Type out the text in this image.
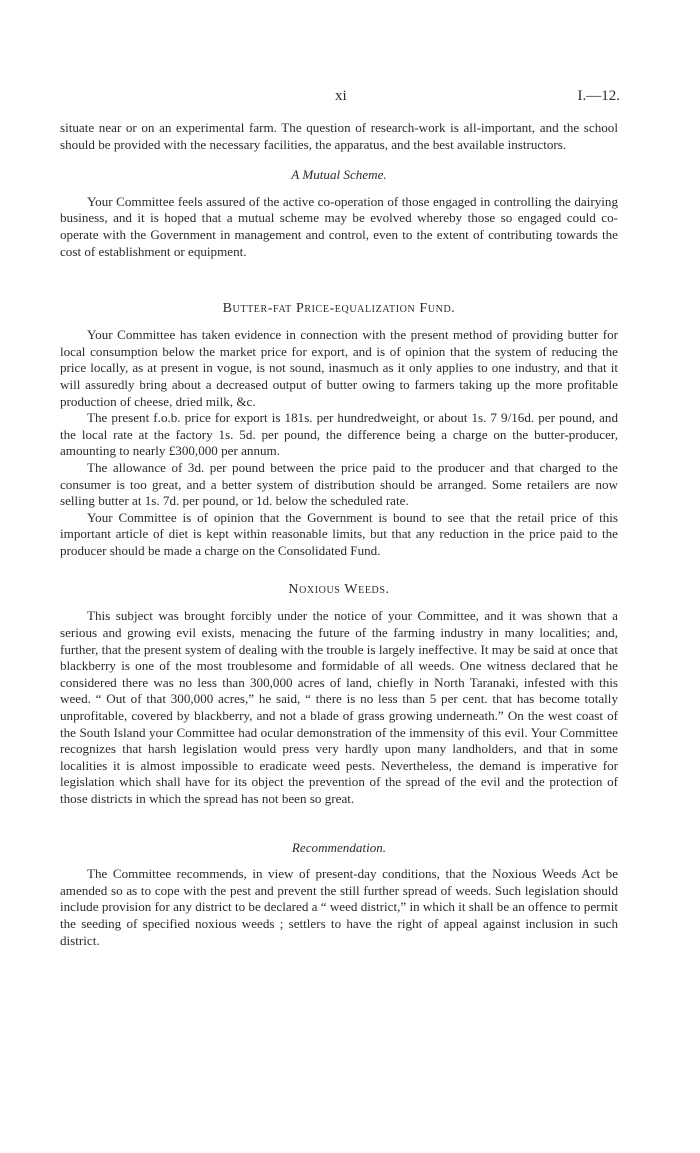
xi	I.—12.

situate near or on an experimental farm. The question of research-work is all-important, and the school should be provided with the necessary facilities, the apparatus, and the best available instructors.

A Mutual Scheme.

Your Committee feels assured of the active co-operation of those engaged in controlling the dairying business, and it is hoped that a mutual scheme may be evolved whereby those so engaged could co-operate with the Government in management and control, even to the extent of contributing towards the cost of establishment or equipment.

Butter-fat Price-equalization Fund.

Your Committee has taken evidence in connection with the present method of providing butter for local consumption below the market price for export, and is of opinion that the system of reducing the price locally, as at present in vogue, is not sound, inasmuch as it only applies to one industry, and that it will assuredly bring about a decreased output of butter owing to farmers taking up the more profitable production of cheese, dried milk, &c.

The present f.o.b. price for export is 181s. per hundredweight, or about 1s. 7 9/16d. per pound, and the local rate at the factory 1s. 5d. per pound, the difference being a charge on the butter-producer, amounting to nearly £300,000 per annum.

The allowance of 3d. per pound between the price paid to the producer and that charged to the consumer is too great, and a better system of distribution should be arranged. Some retailers are now selling butter at 1s. 7d. per pound, or 1d. below the scheduled rate.

Your Committee is of opinion that the Government is bound to see that the retail price of this important article of diet is kept within reasonable limits, but that any reduction in the price paid to the producer should be made a charge on the Consolidated Fund.

Noxious Weeds.

This subject was brought forcibly under the notice of your Committee, and it was shown that a serious and growing evil exists, menacing the future of the farming industry in many localities; and, further, that the present system of dealing with the trouble is largely ineffective. It may be said at once that blackberry is one of the most troublesome and formidable of all weeds. One witness declared that he considered there was no less than 300,000 acres of land, chiefly in North Taranaki, infested with this weed. “ Out of that 300,000 acres,” he said, “ there is no less than 5 per cent. that has become totally unprofitable, covered by blackberry, and not a blade of grass growing underneath.” On the west coast of the South Island your Committee had ocular demonstration of the immensity of this evil. Your Committee recognizes that harsh legislation would press very hardly upon many landholders, and that in some localities it is almost impossible to eradicate weed pests. Nevertheless, the demand is imperative for legislation which shall have for its object the prevention of the spread of the evil and the protection of those districts in which the spread has not been so great.

Recommendation.

The Committee recommends, in view of present-day conditions, that the Noxious Weeds Act be amended so as to cope with the pest and prevent the still further spread of weeds. Such legislation should include provision for any district to be declared a “ weed district,” in which it shall be an offence to permit the seeding of specified noxious weeds ; settlers to have the right of appeal against inclusion in such district.
